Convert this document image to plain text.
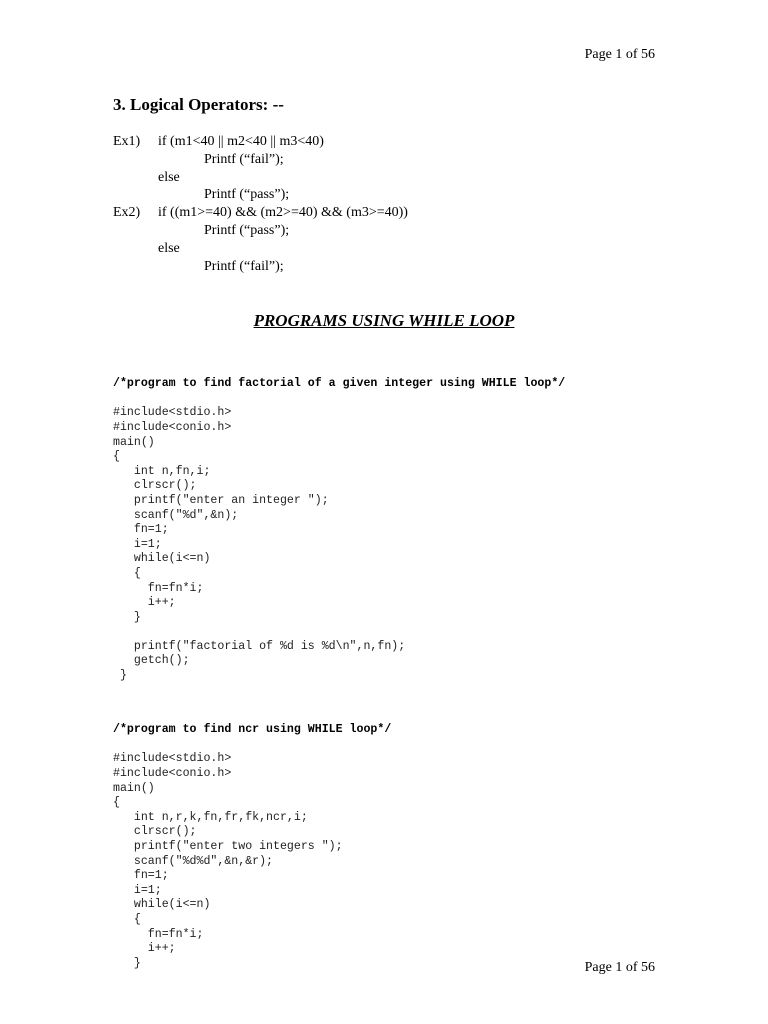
Page 1 of 56
3. Logical Operators: --
Ex1) if (m1<40 || m2<40 || m3<40)
Printf (“fail”);
else
Printf (“pass”);
Ex2) if ((m1>=40) && (m2>=40) && (m3>=40))
Printf (“pass”);
else
Printf (“fail”);
PROGRAMS USING WHILE LOOP

/*program to find factorial of a given integer using WHILE loop*/

#include<stdio.h>
#include<conio.h>
main()
{
int n,fn,i;
clrscr();
printf("enter an integer ");
scanf("%d",&n);
fn=1;
i=1;
while(i<=n)
{
fn=fn*i;
i++;
}
printf("factorial of %d is %d\n",n,fn);
getch();
}

/*program to find ncr using WHILE loop*/

#include<stdio.h>
#include<conio.h>
main()
{
int n,r,k,fn,fr,fk,ncr,i;
clrscr();
printf("enter two integers ");
scanf("%d%d",&n,&r);
fn=1;
i=1;
while(i<=n)
{
fn=fn*i;
i++;
}	Page 1 of 56
